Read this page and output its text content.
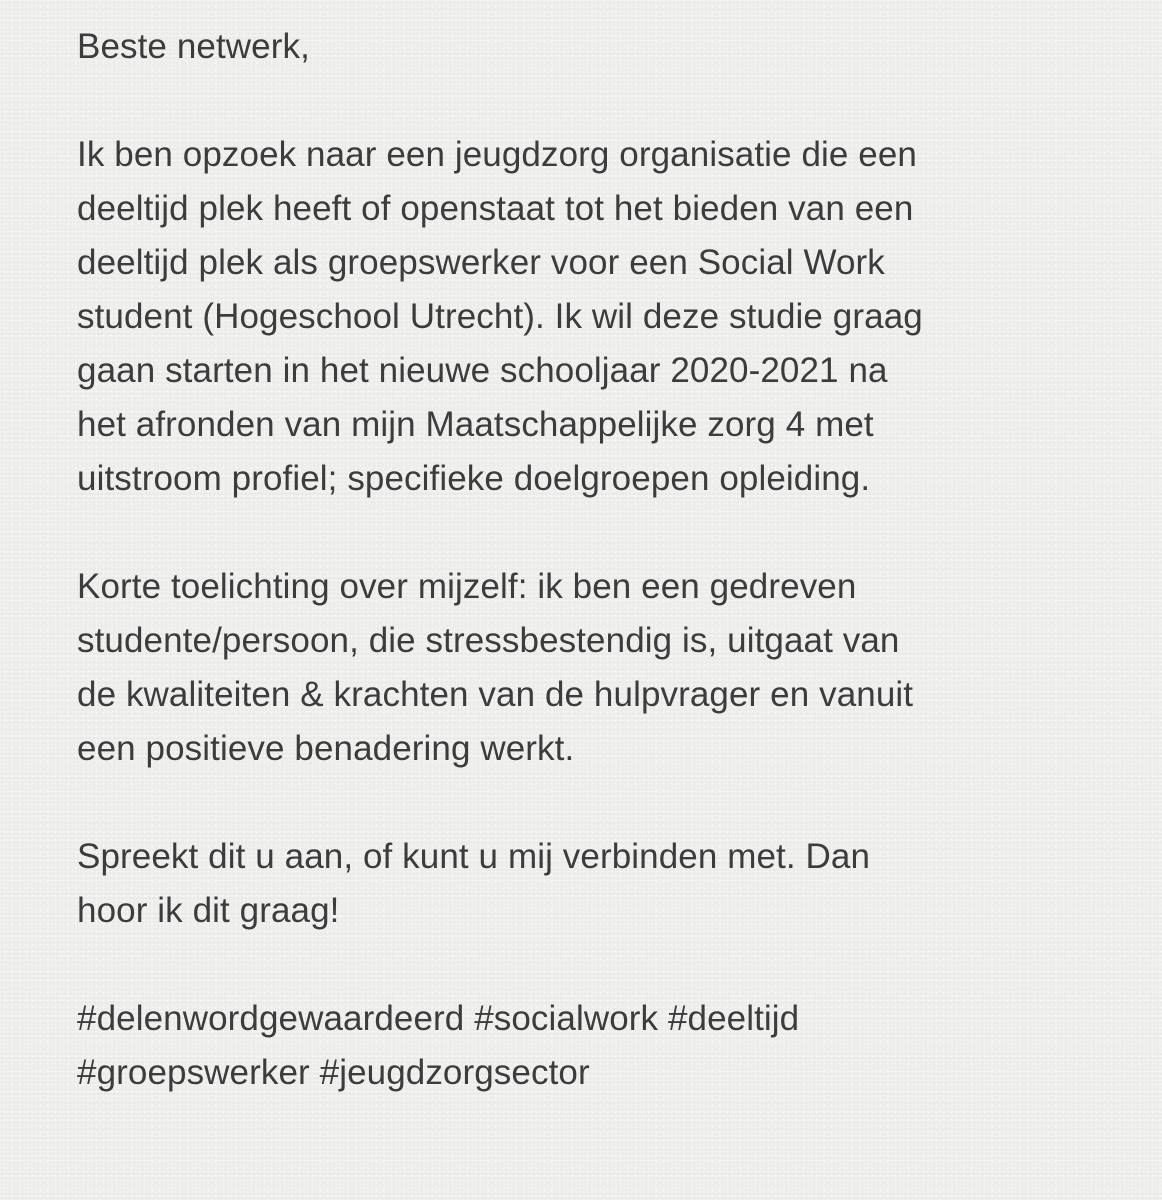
Beste netwerk,

Ik ben opzoek naar een jeugdzorg organisatie die een
deeltijd plek heeft of openstaat tot het bieden van een
deeltijd plek als groepswerker voor een Social Work
student (Hogeschool Utrecht). Ik wil deze studie graag
gaan starten in het nieuwe schooljaar 2020-2021 na
het afronden van mijn Maatschappelijke zorg 4 met
uitstroom profiel; specifieke doelgroepen opleiding.

Korte toelichting over mijzelf: ik ben een gedreven
studente/persoon, die stressbestendig is, uitgaat van
de kwaliteiten & krachten van de hulpvrager en vanuit
een positieve benadering werkt.

Spreekt dit u aan, of kunt u mij verbinden met. Dan
hoor ik dit graag!

#delenwordgewaardeerd #socialwork #deeltijd
#groepswerker #jeugdzorgsector
